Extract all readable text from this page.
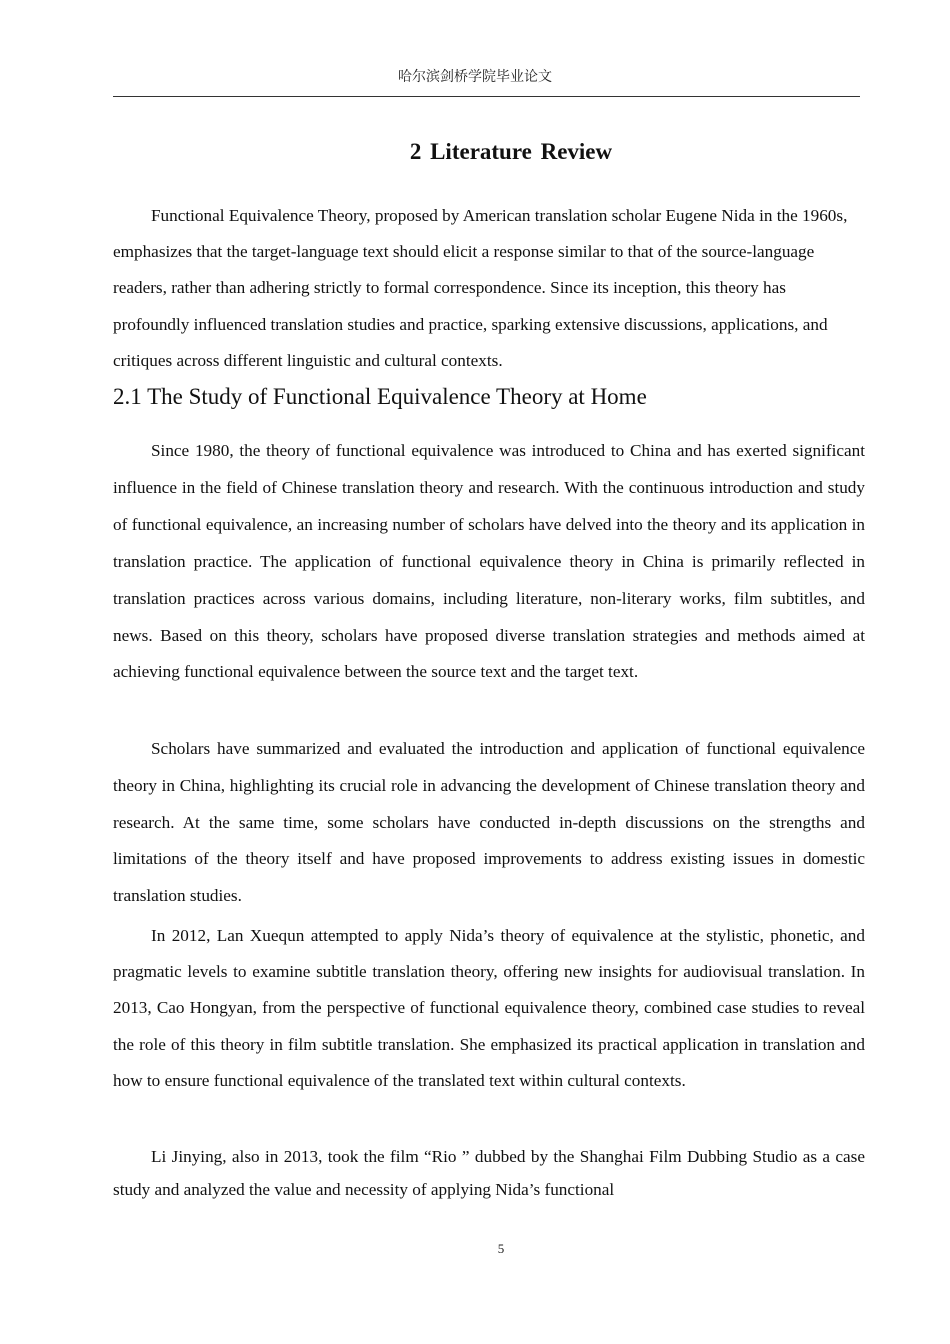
哈尔滨剑桥学院毕业论文
2 Literature Review

Functional Equivalence Theory, proposed by American translation scholar Eugene Nida in the 1960s, emphasizes that the target-language text should elicit a response similar to that of the source-language readers, rather than adhering strictly to formal correspondence. Since its inception, this theory has profoundly influenced translation studies and practice, sparking extensive discussions, applications, and critiques across different linguistic and cultural contexts.

2.1 The Study of Functional Equivalence Theory at Home

Since 1980, the theory of functional equivalence was introduced to China and has exerted significant influence in the field of Chinese translation theory and research. With the continuous introduction and study of functional equivalence, an increasing number of scholars have delved into the theory and its application in translation practice. The application of functional equivalence theory in China is primarily reflected in translation practices across various domains, including literature, non-literary works, film subtitles, and news. Based on this theory, scholars have proposed diverse translation strategies and methods aimed at achieving functional equivalence between the source text and the target text.

Scholars have summarized and evaluated the introduction and application of functional equivalence theory in China, highlighting its crucial role in advancing the development of Chinese translation theory and research. At the same time, some scholars have conducted in-depth discussions on the strengths and limitations of the theory itself and have proposed improvements to address existing issues in domestic translation studies.

In 2012, Lan Xuequn attempted to apply Nida’s theory of equivalence at the stylistic, phonetic, and pragmatic levels to examine subtitle translation theory, offering new insights for audiovisual translation. In 2013, Cao Hongyan, from the perspective of functional equivalence theory, combined case studies to reveal the role of this theory in film subtitle translation. She emphasized its practical application in translation and how to ensure functional equivalence of the translated text within cultural contexts.

Li Jinying, also in 2013, took the film “Rio ” dubbed by the Shanghai Film Dubbing Studio as a case study and analyzed the value and necessity of applying Nida’s functional

5
